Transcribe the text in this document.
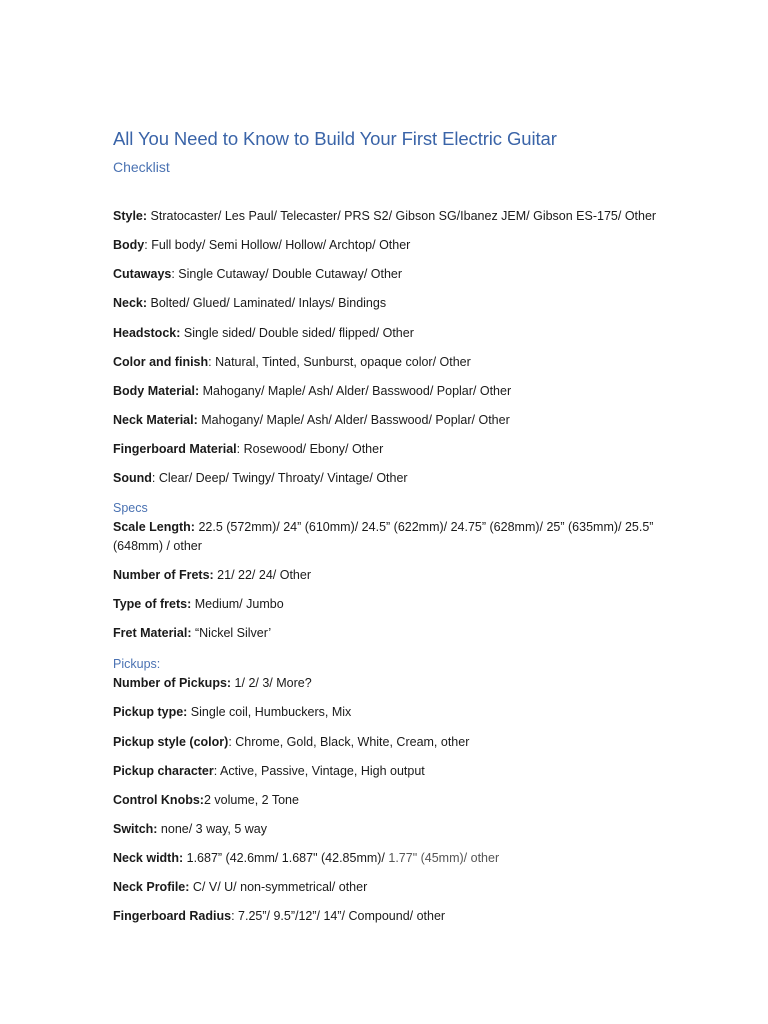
All You Need to Know to Build Your First Electric Guitar
Checklist
Style: Stratocaster/ Les Paul/ Telecaster/ PRS S2/ Gibson SG/Ibanez JEM/ Gibson ES-175/ Other
Body: Full body/ Semi Hollow/ Hollow/ Archtop/ Other
Cutaways: Single Cutaway/ Double Cutaway/ Other
Neck: Bolted/ Glued/ Laminated/ Inlays/ Bindings
Headstock: Single sided/ Double sided/ flipped/ Other
Color and finish: Natural, Tinted, Sunburst, opaque color/ Other
Body Material: Mahogany/ Maple/ Ash/ Alder/ Basswood/ Poplar/ Other
Neck Material: Mahogany/ Maple/ Ash/ Alder/ Basswood/ Poplar/ Other
Fingerboard Material: Rosewood/ Ebony/ Other
Sound: Clear/ Deep/ Twingy/ Throaty/ Vintage/ Other
Specs
Scale Length: 22.5 (572mm)/ 24” (610mm)/ 24.5” (622mm)/ 24.75” (628mm)/ 25” (635mm)/ 25.5” (648mm) / other
Number of Frets: 21/ 22/ 24/ Other
Type of frets: Medium/ Jumbo
Fret Material: “Nickel Silver’
Pickups:
Number of Pickups: 1/ 2/ 3/ More?
Pickup type: Single coil, Humbuckers, Mix
Pickup style (color): Chrome, Gold, Black, White, Cream, other
Pickup character: Active, Passive, Vintage, High output
Control Knobs:2 volume, 2 Tone
Switch: none/ 3 way, 5 way
Neck width: 1.687” (42.6mm/ 1.687" (42.85mm)/ 1.77" (45mm)/ other
Neck Profile: C/ V/ U/ non-symmetrical/ other
Fingerboard Radius: 7.25”/ 9.5”/12”/ 14”/ Compound/ other
